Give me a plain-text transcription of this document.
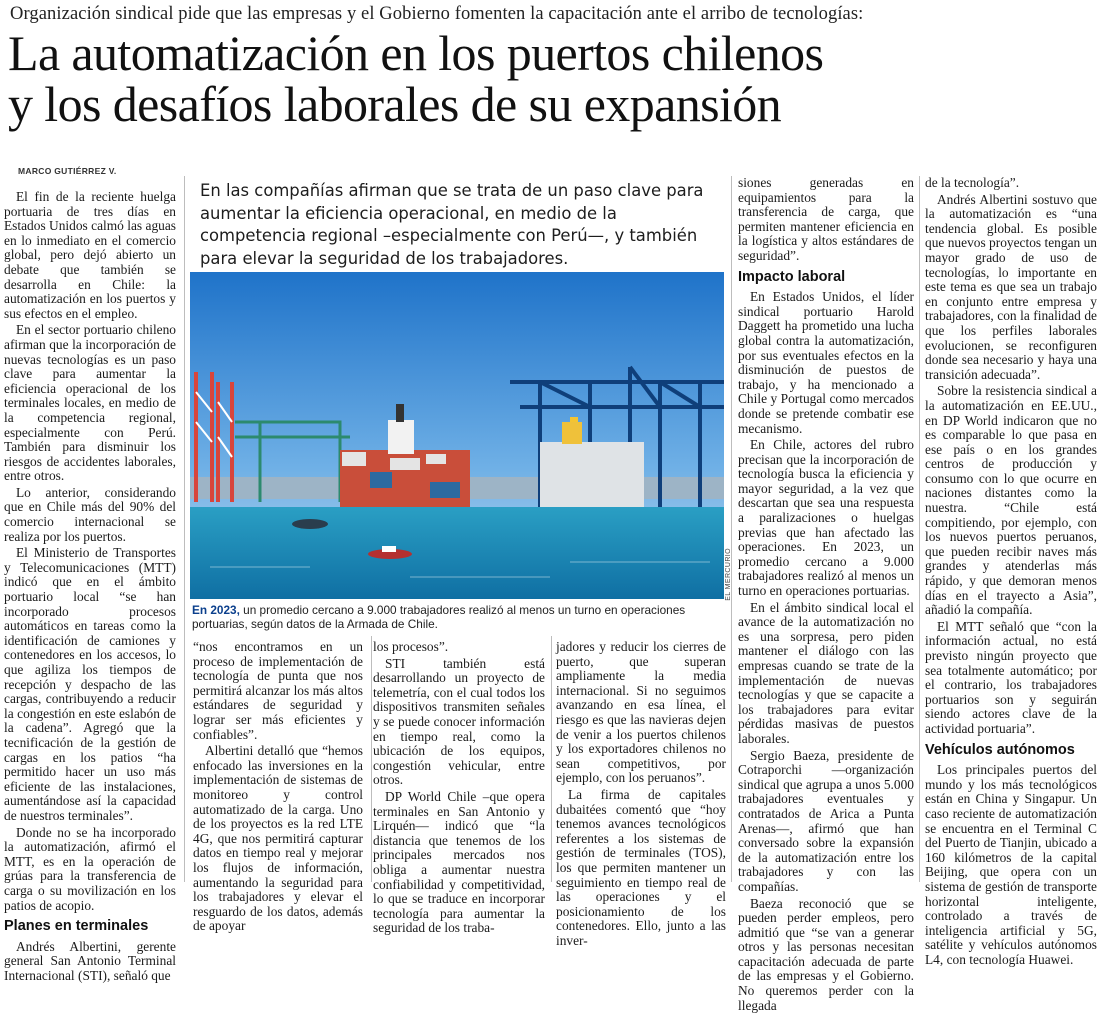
Organización sindical pide que las empresas y el Gobierno fomenten la capacitación ante el arribo de tecnologías:
La automatización en los puertos chilenos
y los desafíos laborales de su expansión
MARCO GUTIÉRREZ V.

El fin de la reciente huelga portuaria de tres días en Estados Unidos calmó las aguas en lo inmediato en el comercio global, pero dejó abierto un debate que también se desarrolla en Chile: la automatización en los puertos y sus efectos en el empleo.

En el sector portuario chileno afirman que la incorporación de nuevas tecnologías es un paso clave para aumentar la eficiencia operacional de los terminales locales, en medio de la competencia regional, especialmente con Perú. También para disminuir los riesgos de accidentes laborales, entre otros.

Lo anterior, considerando que en Chile más del 90% del comercio internacional se realiza por los puertos.

El Ministerio de Transportes y Telecomunicaciones (MTT) indicó que en el ámbito portuario local “se han incorporado procesos automáticos en tareas como la identificación de camiones y contenedores en los accesos, lo que agiliza los tiempos de recepción y despacho de las cargas, contribuyendo a reducir la congestión en este eslabón de la cadena”. Agregó que la tecnificación de la gestión de cargas en los patios “ha permitido hacer un uso más eficiente de las instalaciones, aumentándose así la capacidad de nuestros terminales”.

Donde no se ha incorporado la automatización, afirmó el MTT, es en la operación de grúas para la transferencia de carga o su movilización en los patios de acopio.

Planes en terminales

Andrés Albertini, gerente general San Antonio Terminal Internacional (STI), señaló que

En las compañías afirman que se trata de un paso clave para aumentar la eficiencia operacional, en medio de la competencia regional –especialmente con Perú—, y también para elevar la seguridad de los trabajadores.
EL MERCURIO
En 2023, un promedio cercano a 9.000 trabajadores realizó al menos un turno en operaciones portuarias, según datos de la Armada de Chile.

“nos encontramos en un proceso de implementación de tecnología de punta que nos permitirá alcanzar los más altos estándares de seguridad y lograr ser más eficientes y confiables”.

Albertini detalló que “hemos enfocado las inversiones en la implementación de sistemas de monitoreo y control automatizado de la carga. Uno de los proyectos es la red LTE 4G, que nos permitirá capturar datos en tiempo real y mejorar los flujos de información, aumentando la seguridad para los trabajadores y elevar el resguardo de los datos, además de apoyar

los procesos”.

STI también está desarrollando un proyecto de telemetría, con el cual todos los dispositivos transmiten señales y se puede conocer información en tiempo real, como la ubicación de los equipos, congestión vehicular, entre otros.

DP World Chile –que opera terminales en San Antonio y Lirquén— indicó que “la distancia que tenemos de los principales mercados nos obliga a aumentar nuestra confiabilidad y competitividad, lo que se traduce en incorporar tecnología para aumentar la seguridad de los traba-

jadores y reducir los cierres de puerto, que superan ampliamente la media internacional. Si no seguimos avanzando en esa línea, el riesgo es que las navieras dejen de venir a los puertos chilenos y los exportadores chilenos no sean competitivos, por ejemplo, con los peruanos”.

La firma de capitales dubaitées comentó que “hoy tenemos avances tecnológicos referentes a los sistemas de gestión de terminales (TOS), los que permiten mantener un seguimiento en tiempo real de las operaciones y el posicionamiento de los contenedores. Ello, junto a las inver-

siones generadas en equipamientos para la transferencia de carga, que permiten mantener eficiencia en la logística y altos estándares de seguridad”.

Impacto laboral

En Estados Unidos, el líder sindical portuario Harold Daggett ha prometido una lucha global contra la automatización, por sus eventuales efectos en la disminución de puestos de trabajo, y ha mencionado a Chile y Portugal como mercados donde se pretende combatir ese mecanismo.

En Chile, actores del rubro precisan que la incorporación de tecnología busca la eficiencia y mayor seguridad, a la vez que descartan que sea una respuesta a paralizaciones o huelgas previas que han afectado las operaciones. En 2023, un promedio cercano a 9.000 trabajadores realizó al menos un turno en operaciones portuarias.

En el ámbito sindical local el avance de la automatización no es una sorpresa, pero piden mantener el diálogo con las empresas cuando se trate de la implementación de nuevas tecnologías y que se capacite a los trabajadores para evitar pérdidas masivas de puestos laborales.

Sergio Baeza, presidente de Cotraporchi —organización sindical que agrupa a unos 5.000 trabajadores eventuales y contratados de Arica a Punta Arenas—, afirmó que han conversado sobre la expansión de la automatización entre los trabajadores y con las compañías.

Baeza reconoció que se pueden perder empleos, pero admitió que “se van a generar otros y las personas necesitan capacitación adecuada de parte de las empresas y el Gobierno. No queremos perder con la llegada

de la tecnología”.

Andrés Albertini sostuvo que la automatización es “una tendencia global. Es posible que nuevos proyectos tengan un mayor grado de uso de tecnologías, lo importante en este tema es que sea un trabajo en conjunto entre empresa y trabajadores, con la finalidad de que los perfiles laborales evolucionen, se reconfiguren donde sea necesario y haya una transición adecuada”.

Sobre la resistencia sindical a la automatización en EE.UU., en DP World indicaron que no es comparable lo que pasa en ese país o en los grandes centros de producción y consumo con lo que ocurre en naciones distantes como la nuestra. “Chile está compitiendo, por ejemplo, con los nuevos puertos peruanos, que pueden recibir naves más grandes y atenderlas más rápido, y que demoran menos días en el trayecto a Asia”, añadió la compañía.

El MTT señaló que “con la información actual, no está previsto ningún proyecto que sea totalmente automático; por el contrario, los trabajadores portuarios son y seguirán siendo actores clave de la actividad portuaria”.

Vehículos autónomos

Los principales puertos del mundo y los más tecnológicos están en China y Singapur. Un caso reciente de automatización se encuentra en el Terminal C del Puerto de Tianjin, ubicado a 160 kilómetros de la capital Beijing, que opera con un sistema de gestión de transporte horizontal inteligente, controlado a través de inteligencia artificial y 5G, satélite y vehículos autónomos L4, con tecnología Huawei.
